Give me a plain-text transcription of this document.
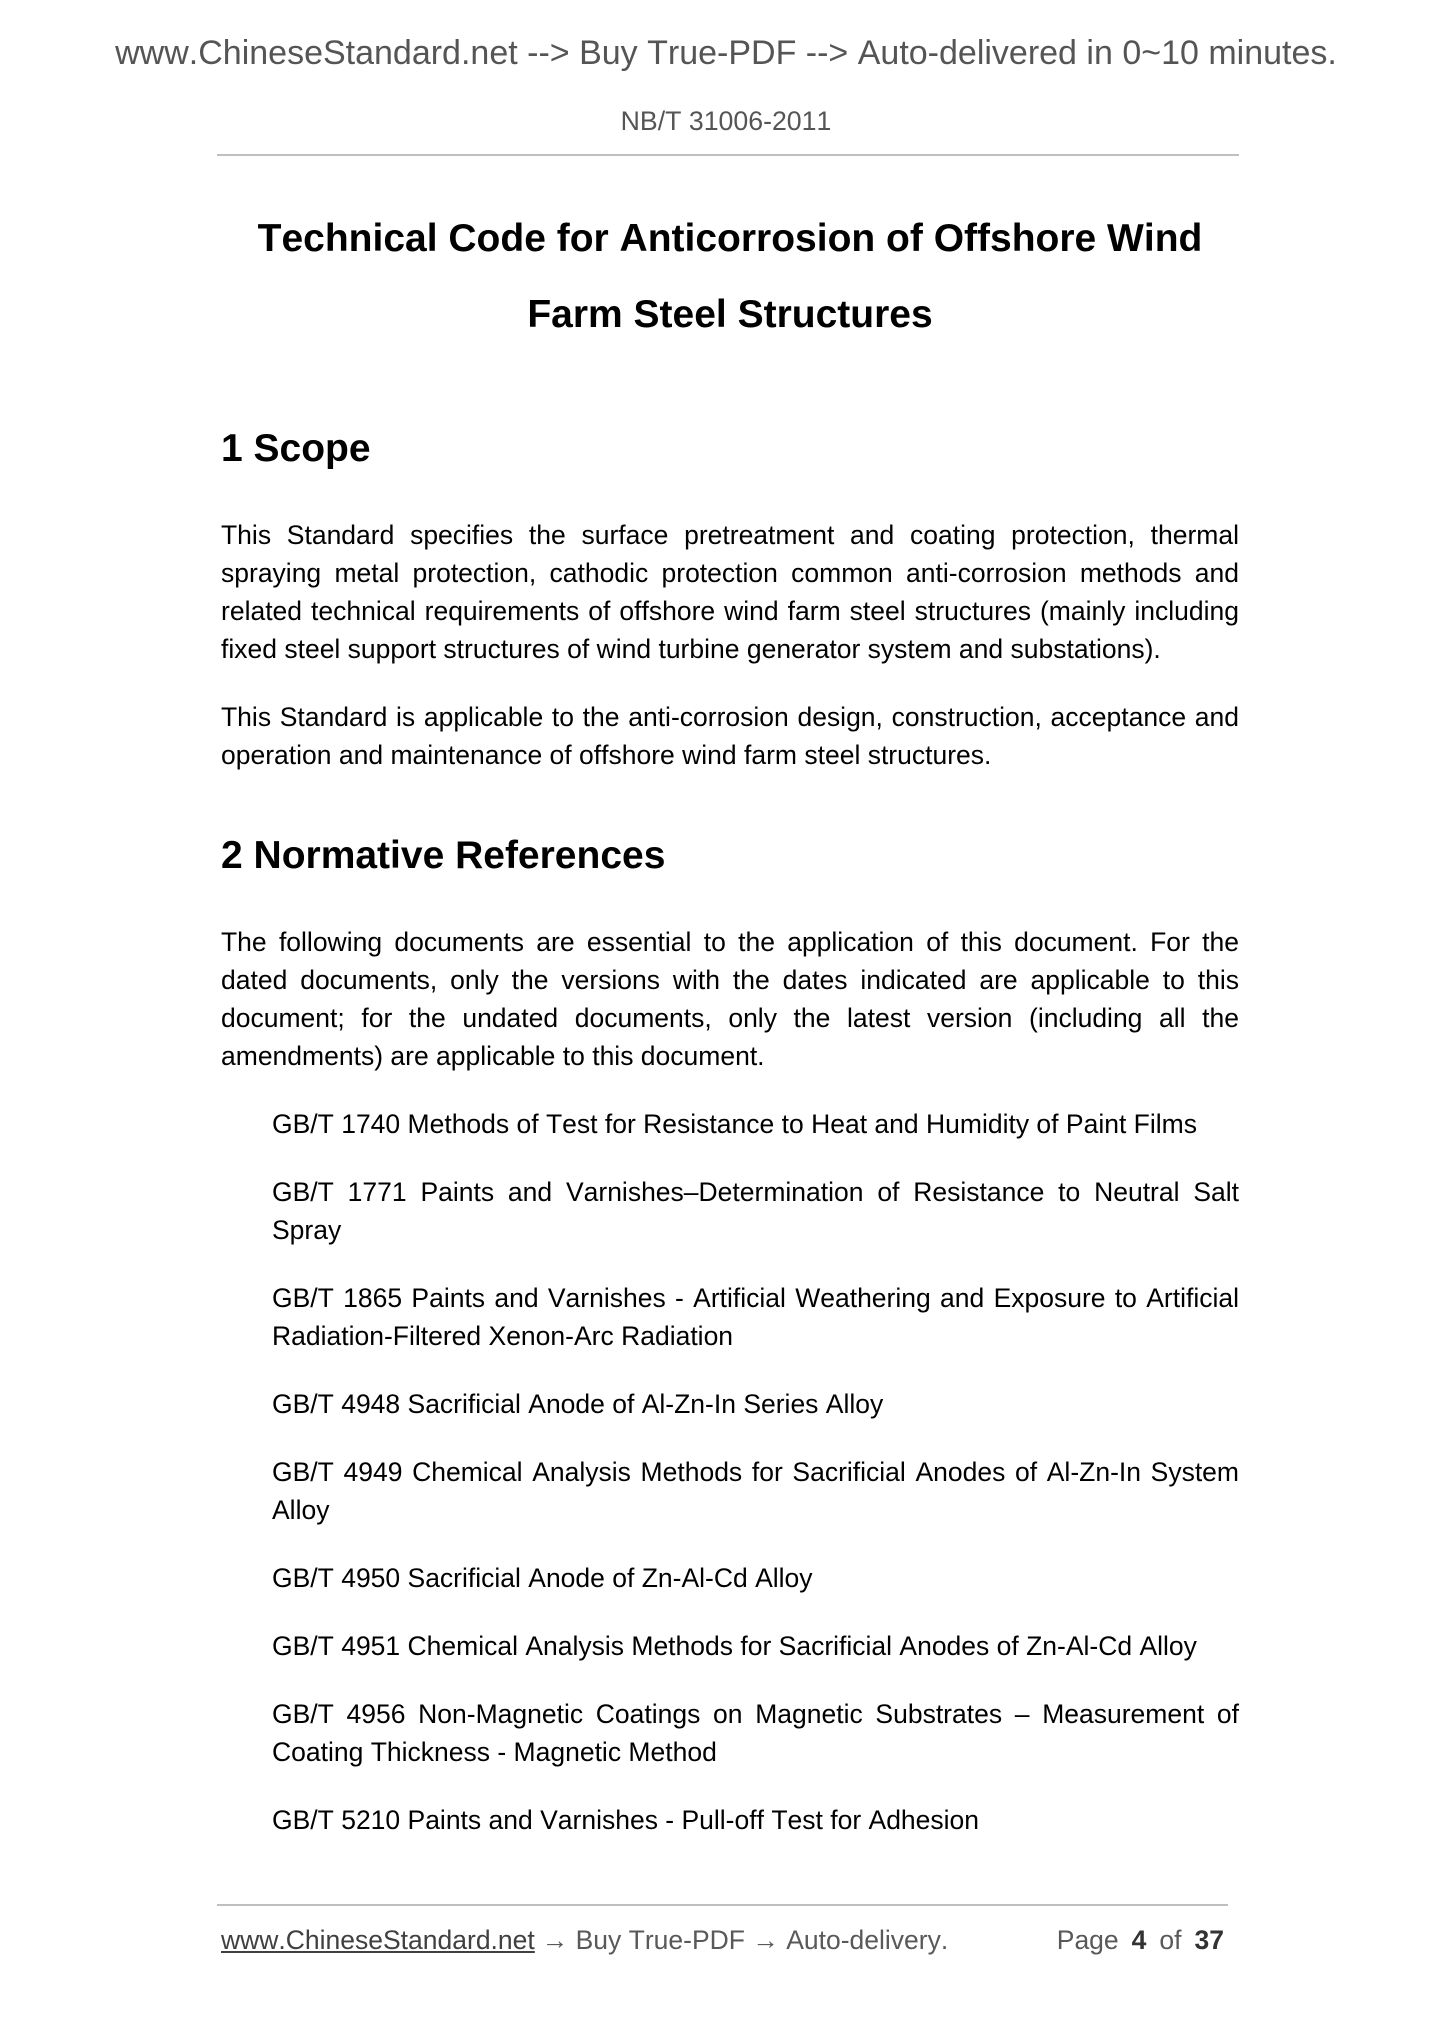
www.ChineseStandard.net --> Buy True-PDF --> Auto-delivered in 0~10 minutes.
NB/T 31006-2011
Technical Code for Anticorrosion of Offshore Wind Farm Steel Structures
1 Scope

This Standard specifies the surface pretreatment and coating protection, thermal spraying metal protection, cathodic protection common anti-corrosion methods and related technical requirements of offshore wind farm steel structures (mainly including fixed steel support structures of wind turbine generator system and substations).

This Standard is applicable to the anti-corrosion design, construction, acceptance and operation and maintenance of offshore wind farm steel structures.

2 Normative References

The following documents are essential to the application of this document. For the dated documents, only the versions with the dates indicated are applicable to this document; for the undated documents, only the latest version (including all the amendments) are applicable to this document.

GB/T 1740 Methods of Test for Resistance to Heat and Humidity of Paint Films

GB/T 1771 Paints and Varnishes–Determination of Resistance to Neutral Salt Spray

GB/T 1865 Paints and Varnishes - Artificial Weathering and Exposure to Artificial Radiation-Filtered Xenon-Arc Radiation

GB/T 4948 Sacrificial Anode of Al-Zn-In Series Alloy

GB/T 4949 Chemical Analysis Methods for Sacrificial Anodes of Al-Zn-In System Alloy

GB/T 4950 Sacrificial Anode of Zn-Al-Cd Alloy

GB/T 4951 Chemical Analysis Methods for Sacrificial Anodes of Zn-Al-Cd Alloy

GB/T 4956 Non-Magnetic Coatings on Magnetic Substrates – Measurement of Coating Thickness - Magnetic Method

GB/T 5210 Paints and Varnishes - Pull-off Test for Adhesion

www.ChineseStandard.net → Buy True-PDF → Auto-delivery.	Page 4 of 37
